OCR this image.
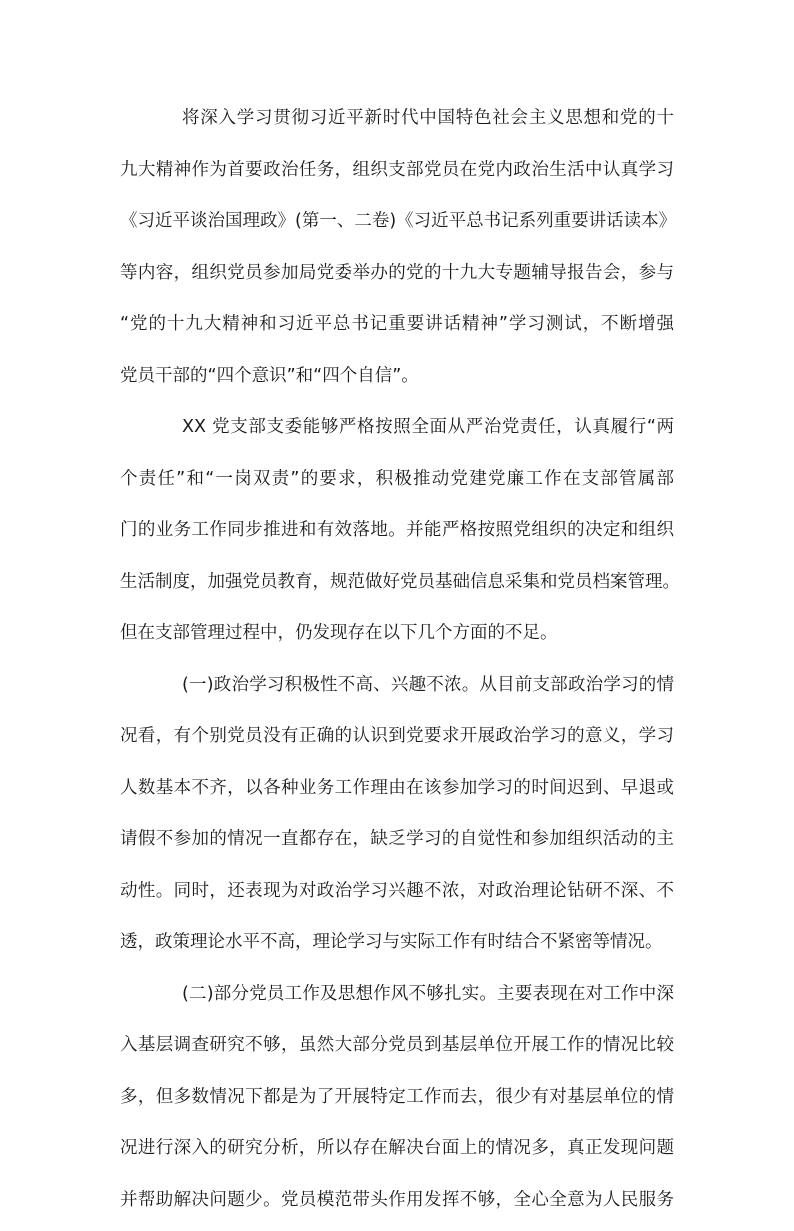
将深入学习贯彻习近平新时代中国特色社会主义思想和党的十
九大精神作为首要政治任务，组织支部党员在党内政治生活中认真学习
《习近平谈治国理政》(第一、二卷)《习近平总书记系列重要讲话读本》
等内容，组织党员参加局党委举办的党的十九大专题辅导报告会，参与
“党的十九大精神和习近平总书记重要讲话精神”学习测试，不断增强
党员干部的“四个意识”和“四个自信”。
XX 党支部支委能够严格按照全面从严治党责任，认真履行“两
个责任”和“一岗双责”的要求，积极推动党建党廉工作在支部管属部
门的业务工作同步推进和有效落地。并能严格按照党组织的决定和组织
生活制度，加强党员教育，规范做好党员基础信息采集和党员档案管理。
但在支部管理过程中，仍发现存在以下几个方面的不足。
(一)政治学习积极性不高、兴趣不浓。从目前支部政治学习的情
况看，有个别党员没有正确的认识到党要求开展政治学习的意义，学习
人数基本不齐，以各种业务工作理由在该参加学习的时间迟到、早退或
请假不参加的情况一直都存在，缺乏学习的自觉性和参加组织活动的主
动性。同时，还表现为对政治学习兴趣不浓，对政治理论钻研不深、不
透，政策理论水平不高，理论学习与实际工作有时结合不紧密等情况。
(二)部分党员工作及思想作风不够扎实。主要表现在对工作中深
入基层调查研究不够，虽然大部分党员到基层单位开展工作的情况比较
多，但多数情况下都是为了开展特定工作而去，很少有对基层单位的情
况进行深入的研究分析，所以存在解决台面上的情况多，真正发现问题
并帮助解决问题少。党员模范带头作用发挥不够，全心全意为人民服务
